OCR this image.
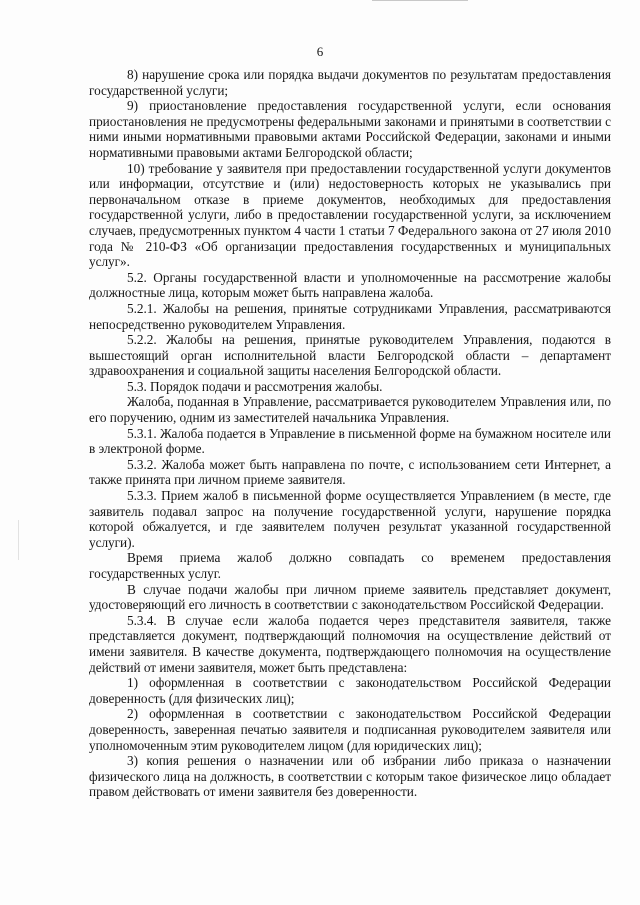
6

8) нарушение срока или порядка выдачи документов по результатам предоставления государственной услуги;

9) приостановление предоставления государственной услуги, если основания приостановления не предусмотрены федеральными законами и принятыми в соответствии с ними иными нормативными правовыми актами Российской Федерации, законами и иными нормативными правовыми актами Белгородской области;

10) требование у заявителя при предоставлении государственной услуги документов или информации, отсутствие и (или) недостоверность которых не указывались при первоначальном отказе в приеме документов, необходимых для предоставления государственной услуги, либо в предоставлении государственной услуги, за исключением случаев, предусмотренных пунктом 4 части 1 статьи 7 Федерального закона от 27 июля 2010 года № 210-ФЗ «Об организации предоставления государственных и муниципальных услуг».

5.2. Органы государственной власти и уполномоченные на рассмотрение жалобы должностные лица, которым может быть направлена жалоба.

5.2.1. Жалобы на решения, принятые сотрудниками Управления, рассматриваются непосредственно руководителем Управления.

5.2.2. Жалобы на решения, принятые руководителем Управления, подаются в вышестоящий орган исполнительной власти Белгородской области – департамент здравоохранения и социальной защиты населения Белгородской области.

5.3. Порядок подачи и рассмотрения жалобы.

Жалоба, поданная в Управление, рассматривается руководителем Управления или, по его поручению, одним из заместителей начальника Управления.

5.3.1. Жалоба подается в Управление в письменной форме на бумажном носителе или в электроной форме.

5.3.2. Жалоба может быть направлена по почте, с использованием сети Интернет, а также принята при личном приеме заявителя.

5.3.3. Прием жалоб в письменной форме осуществляется Управлением (в месте, где заявитель подавал запрос на получение государственной услуги, нарушение порядка которой обжалуется, и где заявителем получен результат указанной государственной услуги).

Время приема жалоб должно совпадать со временем предоставления государственных услуг.

В случае подачи жалобы при личном приеме заявитель представляет документ, удостоверяющий его личность в соответствии с законодательством Российской Федерации.

5.3.4. В случае если жалоба подается через представителя заявителя, также представляется документ, подтверждающий полномочия на осуществление действий от имени заявителя. В качестве документа, подтверждающего полномочия на осуществление действий от имени заявителя, может быть представлена:

1) оформленная в соответствии с законодательством Российской Федерации доверенность (для физических лиц);

2) оформленная в соответствии с законодательством Российской Федерации доверенность, заверенная печатью заявителя и подписанная руководителем заявителя или уполномоченным этим руководителем лицом (для юридических лиц);

3) копия решения о назначении или об избрании либо приказа о назначении физического лица на должность, в соответствии с которым такое физическое лицо обладает правом действовать от имени заявителя без доверенности.
